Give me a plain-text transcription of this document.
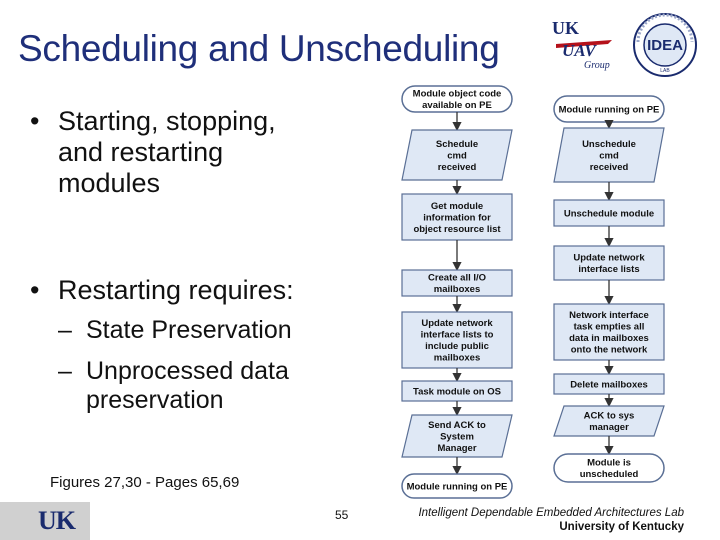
Scheduling and Unscheduling	UK
UAV
Group
IDEA
LAB
• Starting, stopping,
and restarting
modules
• Restarting requires:
– State Preservation
– Unprocessed data
preservation
Figures 27,30 - Pages 65,69
Module object code
available on PE
Schedule
cmd
received
Get module
information for
object resource list
Create all I/O
mailboxes
Update network
interface lists to
include public
mailboxes
Task module on OS
Send ACK to
System
Manager
Module running on PE
Module running on PE
Unschedule
cmd
received
Unschedule module
Update network
interface lists
Network interface
task empties all
data in mailboxes
onto the network
Delete mailboxes
ACK to sys
manager
Module is
unscheduled
UK	55	Intelligent Dependable Embedded Architectures Lab
University of Kentucky
